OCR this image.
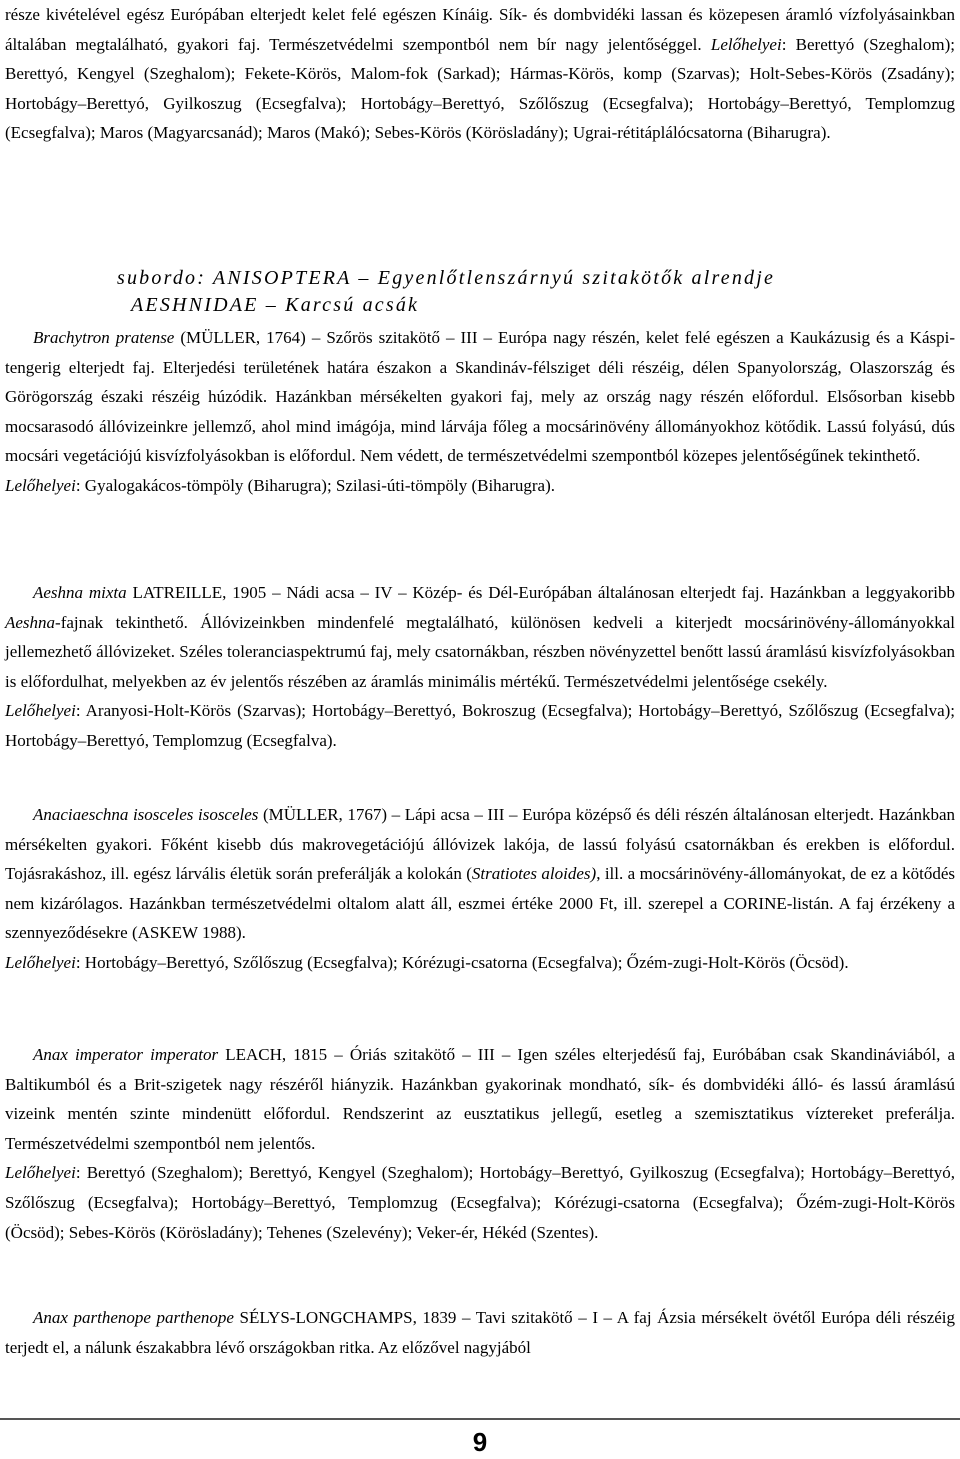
része kivételével egész Európában elterjedt kelet felé egészen Kínáig. Sík- és dombvidéki lassan és közepesen áramló vízfolyásainkban általában megtalálható, gyakori faj. Természetvédelmi szempontból nem bír nagy jelentőséggel. Lelőhelyei: Berettyó (Szeghalom); Berettyó, Kengyel (Szeghalom); Fekete-Körös, Malom-fok (Sarkad); Hármas-Körös, komp (Szarvas); Holt-Sebes-Körös (Zsadány); Hortobágy–Berettyó, Gyilkoszug (Ecsegfalva); Hortobágy–Berettyó, Szőlőszug (Ecsegfalva); Hortobágy–Berettyó, Templomzug (Ecsegfalva); Maros (Magyarcsanád); Maros (Makó); Sebes-Körös (Körösladány); Ugrai-rétitáplálócsatorna (Biharugra).

subordo: ANISOPTERA – Egyenlőtlenszárnyú szitakötők alrendje
AESHNIDAE – Karcsú acsák

Brachytron pratense (MÜLLER, 1764) – Szőrös szitakötő – III – Európa nagy részén, kelet felé egészen a Kaukázusig és a Káspi-tengerig elterjedt faj. Elterjedési területének határa északon a Skandináv-félsziget déli részéig, délen Spanyolország, Olaszország és Görögország északi részéig húzódik. Hazánkban mérsékelten gyakori faj, mely az ország nagy részén előfordul. Elsősorban kisebb mocsarasodó állóvizeinkre jellemző, ahol mind imágója, mind lárvája főleg a mocsárinövény állományokhoz kötődik. Lassú folyású, dús mocsári vegetációjú kisvízfolyásokban is előfordul. Nem védett, de természetvédelmi szempontból közepes jelentőségűnek tekinthető.

Lelőhelyei: Gyalogakácos-tömpöly (Biharugra); Szilasi-úti-tömpöly (Biharugra).

Aeshna mixta LATREILLE, 1905 – Nádi acsa – IV – Közép- és Dél-Európában általánosan elterjedt faj. Hazánkban a leggyakoribb Aeshna-fajnak tekinthető. Állóvizeinkben mindenfelé megtalálható, különösen kedveli a kiterjedt mocsárinövény-állományokkal jellemezhető állóvizeket. Széles toleranciaspektrumú faj, mely csatornákban, részben növényzettel benőtt lassú áramlású kisvízfolyásokban is előfordulhat, melyekben az év jelentős részében az áramlás minimális mértékű. Természetvédelmi jelentősége csekély.

Lelőhelyei: Aranyosi-Holt-Körös (Szarvas); Hortobágy–Berettyó, Bokroszug (Ecsegfalva); Hortobágy–Berettyó, Szőlőszug (Ecsegfalva); Hortobágy–Berettyó, Templomzug (Ecsegfalva).

Anaciaeschna isosceles isosceles (MÜLLER, 1767) – Lápi acsa – III – Európa középső és déli részén általánosan elterjedt. Hazánkban mérsékelten gyakori. Főként kisebb dús makrovegetációjú állóvizek lakója, de lassú folyású csatornákban és erekben is előfordul. Tojásrakáshoz, ill. egész lárvális életük során preferálják a kolokán (Stratiotes aloides), ill. a mocsárinövény-állományokat, de ez a kötődés nem kizárólagos. Hazánkban természetvédelmi oltalom alatt áll, eszmei értéke 2000 Ft, ill. szerepel a CORINE-listán. A faj érzékeny a szennyeződésekre (ASKEW 1988).

Lelőhelyei: Hortobágy–Berettyó, Szőlőszug (Ecsegfalva); Kórézugi-csatorna (Ecsegfalva); Őzém-zugi-Holt-Körös (Öcsöd).

Anax imperator imperator LEACH, 1815 – Óriás szitakötő – III – Igen széles elterjedésű faj, Euróbában csak Skandináviából, a Baltikumból és a Brit-szigetek nagy részéről hiányzik. Hazánkban gyakorinak mondható, sík- és dombvidéki álló- és lassú áramlású vizeink mentén szinte mindenütt előfordul. Rendszerint az eusztatikus jellegű, esetleg a szemisztatikus víztereket preferálja. Természetvédelmi szempontból nem jelentős.

Lelőhelyei: Berettyó (Szeghalom); Berettyó, Kengyel (Szeghalom); Hortobágy–Berettyó, Gyilkoszug (Ecsegfalva); Hortobágy–Berettyó, Szőlőszug (Ecsegfalva); Hortobágy–Berettyó, Templomzug (Ecsegfalva); Kórézugi-csatorna (Ecsegfalva); Őzém-zugi-Holt-Körös (Öcsöd); Sebes-Körös (Körösladány); Tehenes (Szelevény); Veker-ér, Hékéd (Szentes).

Anax parthenope parthenope SÉLYS-LONGCHAMPS, 1839 – Tavi szitakötő – I – A faj Ázsia mérsékelt övétől Európa déli részéig terjedt el, a nálunk északabbra lévő országokban ritka. Az előzővel nagyjából

9
